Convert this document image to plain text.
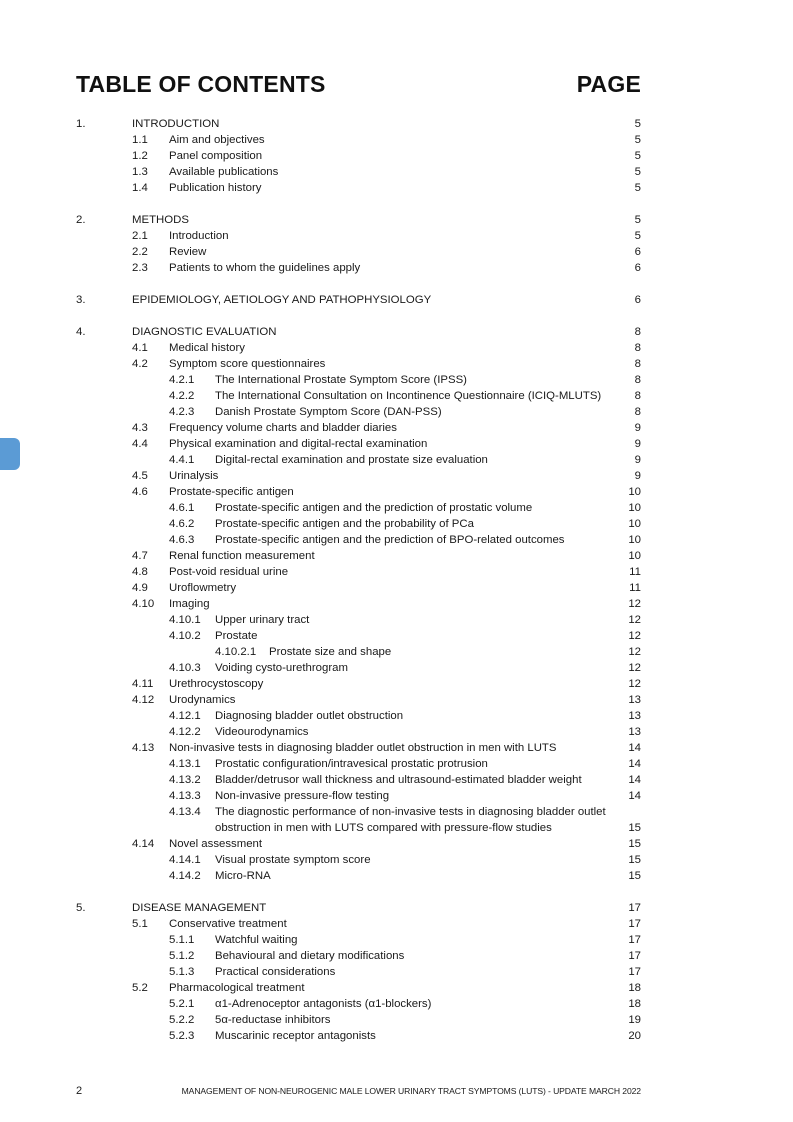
TABLE OF CONTENTS	PAGE
1.	INTRODUCTION	5
1.1 Aim and objectives	5
1.2 Panel composition	5
1.3 Available publications	5
1.4 Publication history	5
2.	METHODS	5
2.1 Introduction	5
2.2 Review	6
2.3 Patients to whom the guidelines apply	6
3.	EPIDEMIOLOGY, AETIOLOGY AND PATHOPHYSIOLOGY	6
4.	DIAGNOSTIC EVALUATION	8
4.1 Medical history	8
4.2 Symptom score questionnaires	8
4.2.1 The International Prostate Symptom Score (IPSS)	8
4.2.2 The International Consultation on Incontinence Questionnaire (ICIQ-MLUTS)	8
4.2.3 Danish Prostate Symptom Score (DAN-PSS)	8
4.3 Frequency volume charts and bladder diaries	9
4.4 Physical examination and digital-rectal examination	9
4.4.1 Digital-rectal examination and prostate size evaluation	9
4.5 Urinalysis	9
4.6 Prostate-specific antigen	10
4.6.1 Prostate-specific antigen and the prediction of prostatic volume	10
4.6.2 Prostate-specific antigen and the probability of PCa	10
4.6.3 Prostate-specific antigen and the prediction of BPO-related outcomes	10
4.7 Renal function measurement	10
4.8 Post-void residual urine	11
4.9 Uroflowmetry	11
4.10 Imaging	12
4.10.1 Upper urinary tract	12
4.10.2 Prostate	12
4.10.2.1 Prostate size and shape	12
4.10.3 Voiding cysto-urethrogram	12
4.11 Urethrocystoscopy	12
4.12 Urodynamics	13
4.12.1 Diagnosing bladder outlet obstruction	13
4.12.2 Videourodynamics	13
4.13 Non-invasive tests in diagnosing bladder outlet obstruction in men with LUTS	14
4.13.1 Prostatic configuration/intravesical prostatic protrusion	14
4.13.2 Bladder/detrusor wall thickness and ultrasound-estimated bladder weight	14
4.13.3 Non-invasive pressure-flow testing	14
4.13.4 The diagnostic performance of non-invasive tests in diagnosing bladder outlet
obstruction in men with LUTS compared with pressure-flow studies	15
4.14 Novel assessment	15
4.14.1 Visual prostate symptom score	15
4.14.2 Micro-RNA	15
5.	DISEASE MANAGEMENT	17
5.1 Conservative treatment	17
5.1.1 Watchful waiting	17
5.1.2 Behavioural and dietary modifications	17
5.1.3 Practical considerations	17
5.2 Pharmacological treatment	18
5.2.1 α1-Adrenoceptor antagonists (α1-blockers)	18
5.2.2 5α-reductase inhibitors	19
5.2.3 Muscarinic receptor antagonists	20
2	MANAGEMENT OF NON-NEUROGENIC MALE LOWER URINARY TRACT SYMPTOMS (LUTS) - UPDATE MARCH 2022
